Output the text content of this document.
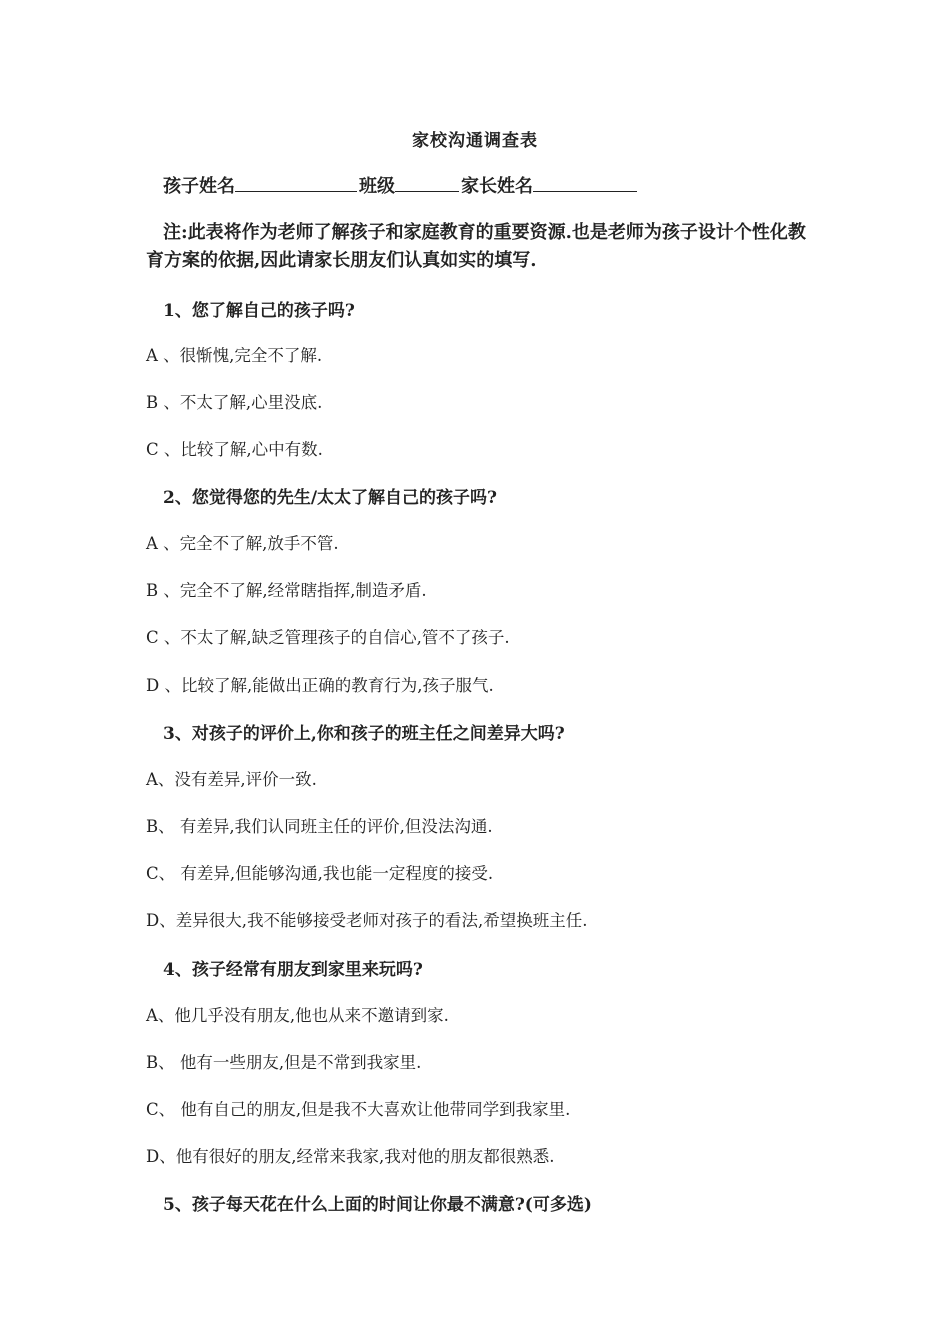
家校沟通调查表
孩子姓名	班级	家长姓名
注:此表将作为老师了解孩子和家庭教育的重要资源.也是老师为孩子设计个性化教育方案的依据,因此请家长朋友们认真如实的填写.
1、您了解自己的孩子吗?
A 、很惭愧,完全不了解.
B 、不太了解,心里没底.
C 、比较了解,心中有数.
2、您觉得您的先生/太太了解自己的孩子吗?
A 、完全不了解,放手不管.
B 、完全不了解,经常瞎指挥,制造矛盾.
C 、不太了解,缺乏管理孩子的自信心,管不了孩子.
D 、比较了解,能做出正确的教育行为,孩子服气.
3、对孩子的评价上,你和孩子的班主任之间差异大吗?
A、没有差异,评价一致.
B、 有差异,我们认同班主任的评价,但没法沟通.
C、 有差异,但能够沟通,我也能一定程度的接受.
D、差异很大,我不能够接受老师对孩子的看法,希望换班主任.
4、孩子经常有朋友到家里来玩吗?
A、他几乎没有朋友,他也从来不邀请到家.
B、 他有一些朋友,但是不常到我家里.
C、 他有自己的朋友,但是我不大喜欢让他带同学到我家里.
D、他有很好的朋友,经常来我家,我对他的朋友都很熟悉.
5、孩子每天花在什么上面的时间让你最不满意?(可多选)
